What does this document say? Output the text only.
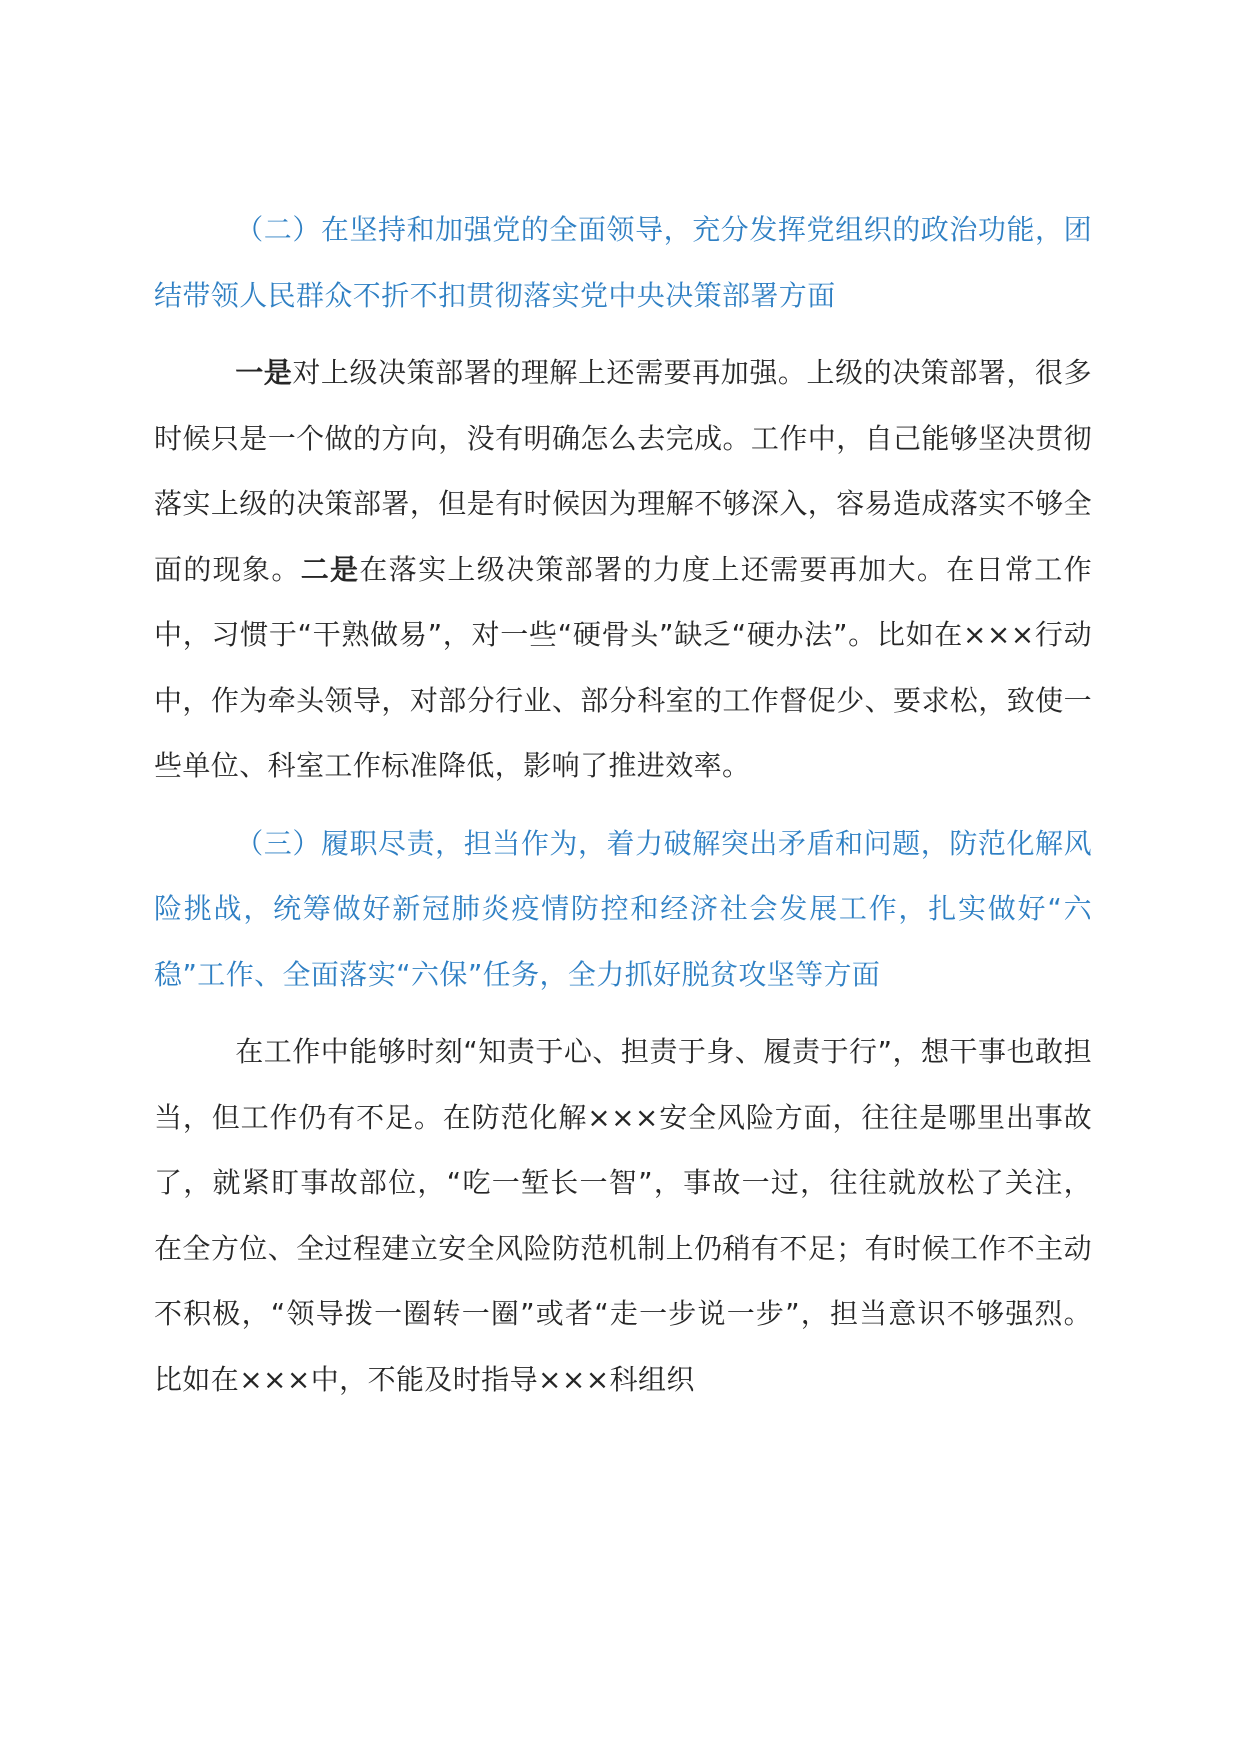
（二）在坚持和加强党的全面领导，充分发挥党组织的政治功能，团结带领人民群众不折不扣贯彻落实党中央决策部署方面

一是对上级决策部署的理解上还需要再加强。上级的决策部署，很多时候只是一个做的方向，没有明确怎么去完成。工作中，自己能够坚决贯彻落实上级的决策部署，但是有时候因为理解不够深入，容易造成落实不够全面的现象。二是在落实上级决策部署的力度上还需要再加大。在日常工作中，习惯于“干熟做易”，对一些“硬骨头”缺乏“硬办法”。比如在×××行动中，作为牵头领导，对部分行业、部分科室的工作督促少、要求松，致使一些单位、科室工作标准降低，影响了推进效率。

（三）履职尽责，担当作为，着力破解突出矛盾和问题，防范化解风险挑战，统筹做好新冠肺炎疫情防控和经济社会发展工作，扎实做好“六稳”工作、全面落实“六保”任务，全力抓好脱贫攻坚等方面

在工作中能够时刻“知责于心、担责于身、履责于行”，想干事也敢担当，但工作仍有不足。在防范化解×××安全风险方面，往往是哪里出事故了，就紧盯事故部位，“吃一堑长一智”，事故一过，往往就放松了关注，在全方位、全过程建立安全风险防范机制上仍稍有不足；有时候工作不主动不积极，“领导拨一圈转一圈”或者“走一步说一步”，担当意识不够强烈。比如在×××中，不能及时指导×××科组织
